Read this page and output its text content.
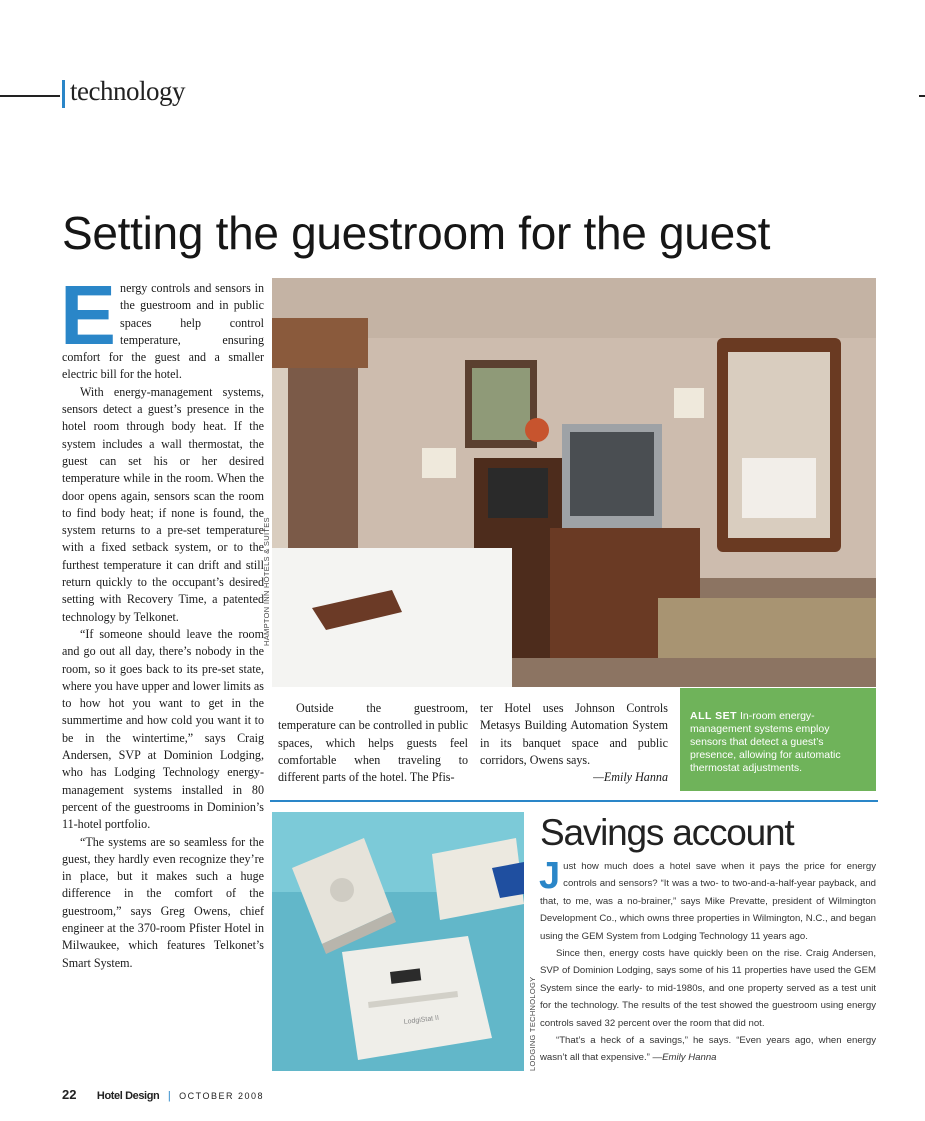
technology
Setting the guestroom for the guest

Energy controls and sensors in the guestroom and in public spaces help control temperature, ensuring comfort for the guest and a smaller electric bill for the hotel.

With energy-management systems, sensors detect a guest’s presence in the hotel room through body heat. If the system includes a wall thermostat, the guest can set his or her desired temperature while in the room. When the door opens again, sensors scan the room to find body heat; if none is found, the system returns to a pre-set temperature with a fixed setback system, or to the furthest temperature it can drift and still return quickly to the occupant’s desired setting with Recovery Time, a patented technology by Telkonet.

“If someone should leave the room and go out all day, there’s nobody in the room, so it goes back to its pre-set state, where you have upper and lower limits as to how hot you want to get in the summertime and how cold you want it to be in the wintertime,” says Craig Andersen, SVP at Dominion Lodging, who has Lodging Technology energy-management systems installed in 80 percent of the guestrooms in Dominion’s 11-hotel portfolio.

“The systems are so seamless for the guest, they hardly even recognize they’re in place, but it makes such a huge difference in the comfort of the guestroom,” says Greg Owens, chief engineer at the 370-room Pfister Hotel in Milwaukee, which features Telkonet’s Smart System.

HAMPTON INN HOTELS & SUITES

Outside the guestroom, temperature can be controlled in public spaces, which helps guests feel comfortable when traveling to different parts of the hotel. The Pfis-

ter Hotel uses Johnson Controls Metasys Building Automation System in its banquet space and public corridors, Owens says.

—Emily Hanna

ALL SET In-room energy-management systems employ sensors that detect a guest’s presence, allowing for automatic thermostat adjustments.
LodgiStat II	LODGING TECHNOLOGY
Savings account

Just how much does a hotel save when it pays the price for energy controls and sensors? “It was a two- to two-and-a-half-year payback, and that, to me, was a no-brainer,” says Mike Prevatte, president of Wilmington Development Co., which owns three properties in Wilmington, N.C., and began using the GEM System from Lodging Technology 11 years ago.

Since then, energy costs have quickly been on the rise. Craig Andersen, SVP of Dominion Lodging, says some of his 11 properties have used the GEM System since the early- to mid-1980s, and one property served as a test unit for the technology. The results of the test showed the guestroom using energy controls saved 32 percent over the room that did not.

“That’s a heck of a savings,” he says. “Even years ago, when energy wasn’t all that expensive.” —Emily Hanna

22 Hotel Design | OCTOBER 2008
